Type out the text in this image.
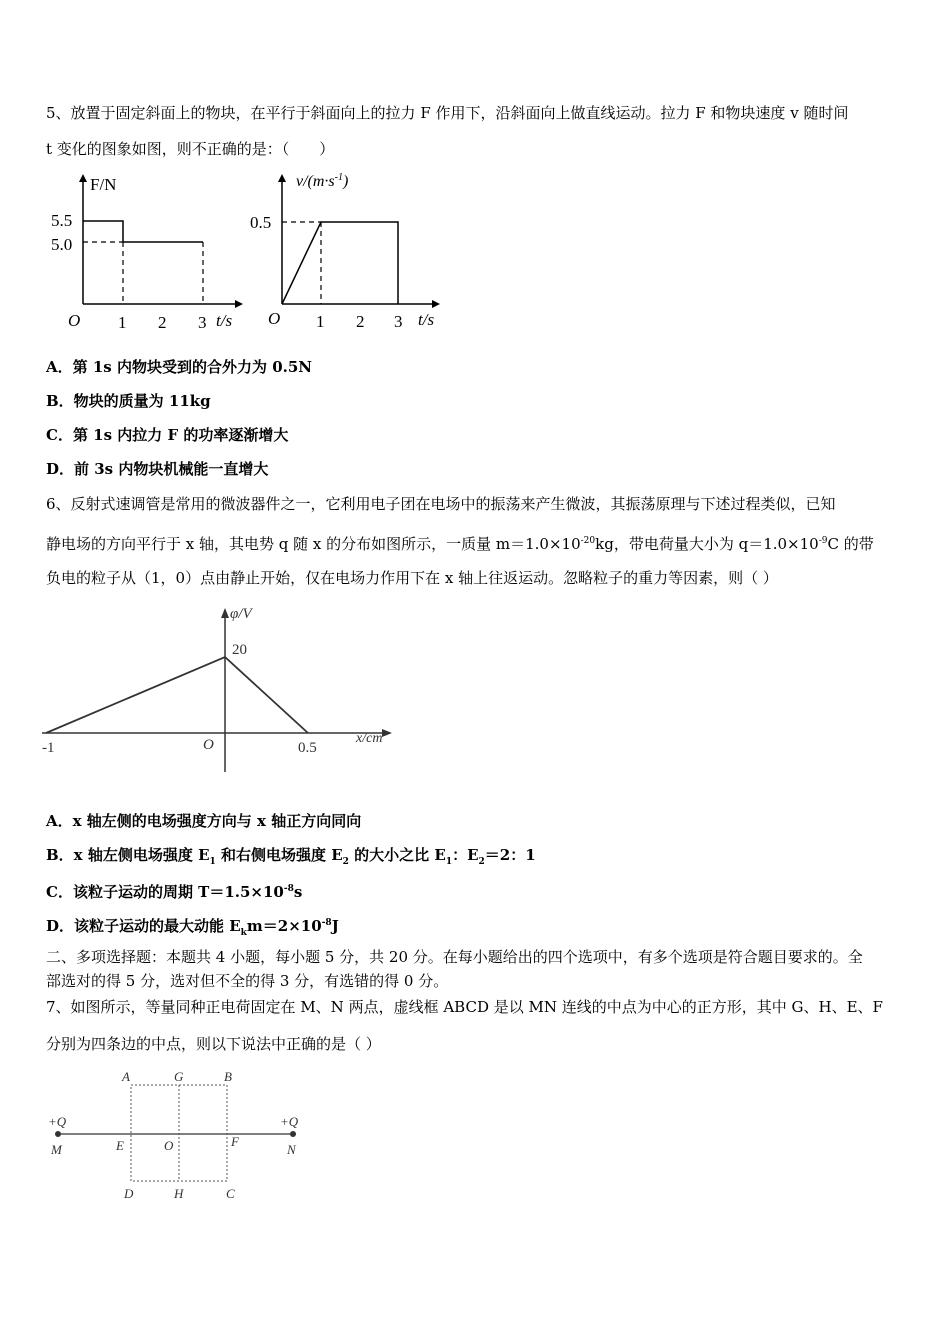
5、放置于固定斜面上的物块，在平行于斜面向上的拉力 F 作用下，沿斜面向上做直线运动。拉力 F 和物块速度 v 随时间
t 变化的图象如图，则不正确的是：（　　）
F/N
5.5
5.0
O 1 2 3 t/s
$v/(m\cdot s^{-1})$
0.5
O 1 2 3 t/s
A．第 1s 内物块受到的合外力为 0.5N
B．物块的质量为 11kg
C．第 1s 内拉力 F 的功率逐渐增大
D．前 3s 内物块机械能一直增大
6、反射式速调管是常用的微波器件之一，它利用电子团在电场中的振荡来产生微波，其振荡原理与下述过程类似，已知
静电场的方向平行于 x 轴，其电势 q 随 x 的分布如图所示，一质量 $m=1.0\times 10^{-20}kg$，带电荷量大小为 $q=1.0\times 10^{-9}C$ 的带
负电的粒子从（1，0）点由静止开始，仅在电场力作用下在 x 轴上往返运动。忽略粒子的重力等因素，则（ ）
φ/V
20
-1	O	0.5
x/cm
A．x 轴左侧的电场强度方向与 x 轴正方向同向
B．x 轴左侧电场强度 $E_1$ 和右侧电场强度 $E_2$ 的大小之比 $E_1$：$E_2=2$：1
C．该粒子运动的周期 $T=1.5\times 10^{-8}s$
D．该粒子运动的最大动能 $E_km=2\times 10^{-8}J$
二、多项选择题：本题共 4 小题，每小题 5 分，共 20 分。在每小题给出的四个选项中，有多个选项是符合题目要求的。全
部选对的得 5 分，选对但不全的得 3 分，有选错的得 0 分。
7、如图所示，等量同种正电荷固定在 M、N 两点，虚线框 ABCD 是以 MN 连线的中点为中心的正方形，其中 G、H、E、F
分别为四条边的中点，则以下说法中正确的是（ ）
A	G	B
D	H	C
E	O	F
M	N
+Q	+Q
